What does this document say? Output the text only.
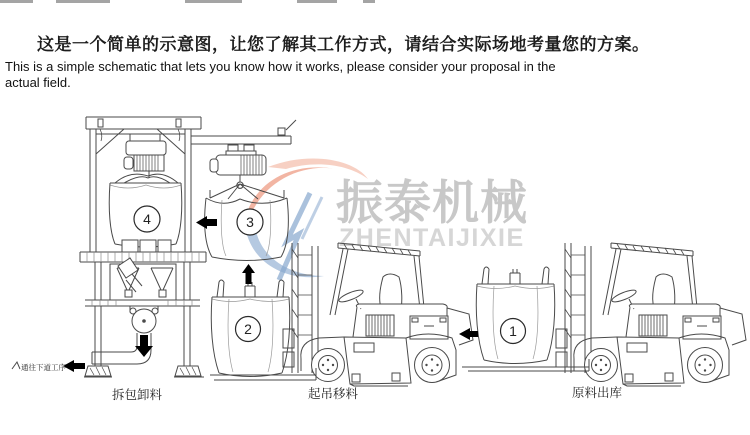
这是一个简单的示意图，让您了解其工作方式，请结合实际场地考量您的方案。
This is a simple schematic that lets you know how it works, please consider your proposal in the
actual field.
振泰机械
ZHENTAIJIXIE
4	3
2	1
拆包卸料	起吊移料	原料出库
通往下道工序
